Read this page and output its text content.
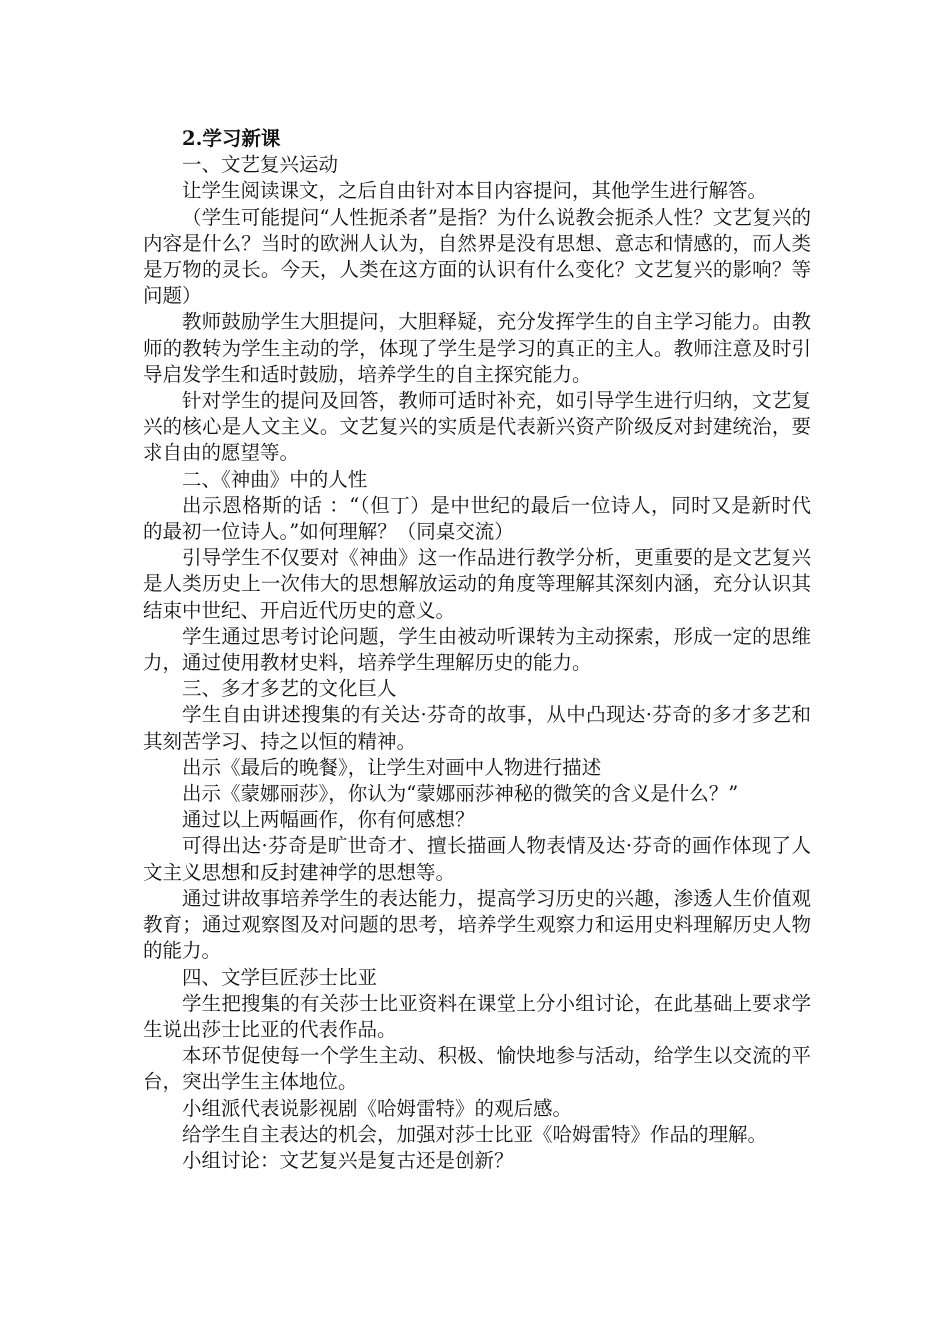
2.学习新课

一、文艺复兴运动

让学生阅读课文，之后自由针对本目内容提问，其他学生进行解答。

（学生可能提问“人性扼杀者”是指？为什么说教会扼杀人性？文艺复兴的内容是什么？当时的欧洲人认为，自然界是没有思想、意志和情感的，而人类是万物的灵长。今天，人类在这方面的认识有什么变化？文艺复兴的影响？等问题）

教师鼓励学生大胆提问，大胆释疑，充分发挥学生的自主学习能力。由教师的教转为学生主动的学，体现了学生是学习的真正的主人。教师注意及时引导启发学生和适时鼓励，培养学生的自主探究能力。

针对学生的提问及回答，教师可适时补充，如引导学生进行归纳，文艺复兴的核心是人文主义。文艺复兴的实质是代表新兴资产阶级反对封建统治，要求自由的愿望等。

二、《神曲》中的人性

出示恩格斯的话 ：“（但丁）是中世纪的最后一位诗人，同时又是新时代的最初一位诗人。”如何理解？（同桌交流）

引导学生不仅要对《神曲》这一作品进行教学分析，更重要的是文艺复兴是人类历史上一次伟大的思想解放运动的角度等理解其深刻内涵，充分认识其结束中世纪、开启近代历史的意义。

学生通过思考讨论问题，学生由被动听课转为主动探索，形成一定的思维力，通过使用教材史料，培养学生理解历史的能力。

三、多才多艺的文化巨人

学生自由讲述搜集的有关达·芬奇的故事，从中凸现达·芬奇的多才多艺和其刻苦学习、持之以恒的精神。

出示《最后的晚餐》，让学生对画中人物进行描述

出示《蒙娜丽莎》，你认为“蒙娜丽莎神秘的微笑的含义是什么？”

通过以上两幅画作，你有何感想？

可得出达·芬奇是旷世奇才、擅长描画人物表情及达·芬奇的画作体现了人文主义思想和反封建神学的思想等。

通过讲故事培养学生的表达能力，提高学习历史的兴趣，渗透人生价值观教育；通过观察图及对问题的思考，培养学生观察力和运用史料理解历史人物的能力。

四、文学巨匠莎士比亚

学生把搜集的有关莎士比亚资料在课堂上分小组讨论，在此基础上要求学生说出莎士比亚的代表作品。

本环节促使每一个学生主动、积极、愉快地参与活动，给学生以交流的平台，突出学生主体地位。

小组派代表说影视剧《哈姆雷特》的观后感。

给学生自主表达的机会，加强对莎士比亚《哈姆雷特》作品的理解。

小组讨论：文艺复兴是复古还是创新？
